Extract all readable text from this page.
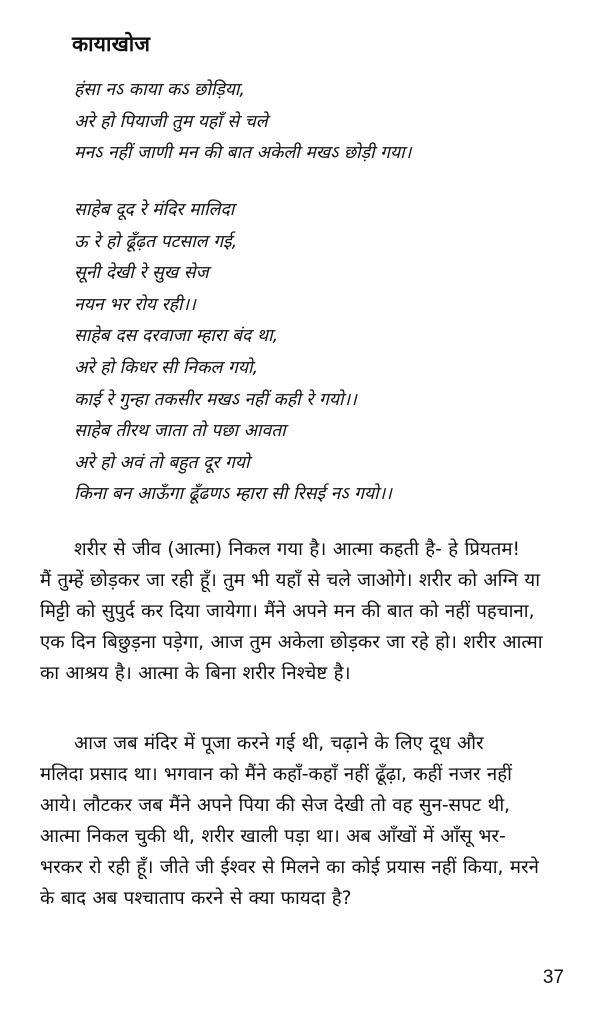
कायाखोज
हंसा नऽ काया कऽ छोड़िया,
अरे हो पियाजी तुम यहाँ से चले
मनऽ नहीं जाणी मन की बात अकेली मखऽ छोड़ी गया।
साहेब दूद रे मंदिर मालिदा
ऊ रे हो ढूँढ़त पटसाल गई,
सूनी देखी रे सुख सेज
नयन भर रोय रही।।
साहेब दस दरवाजा म्हारा बंद था,
अरे हो किधर सी निकल गयो,
काई रे गुन्हा तकसीर मखऽ नहीं कही रे गयो।।
साहेब तीरथ जाता तो पछा आवता
अरे हो अवं तो बहुत दूर गयो
किना बन आऊँगा ढूँढणऽ म्हारा सी रिसई नऽ गयो।।
शरीर से जीव (आत्मा) निकल गया है। आत्मा कहती है- हे प्रियतम!
मैं तुम्हें छोड़कर जा रही हूँ। तुम भी यहाँ से चले जाओगे। शरीर को अग्नि या
मिट्टी को सुपुर्द कर दिया जायेगा। मैंने अपने मन की बात को नहीं पहचाना,
एक दिन बिछुड़ना पड़ेगा, आज तुम अकेला छोड़कर जा रहे हो। शरीर आत्मा
का आश्रय है। आत्मा के बिना शरीर निश्चेष्ट है।
आज जब मंदिर में पूजा करने गई थी, चढ़ाने के लिए दूध और
मलिदा प्रसाद था। भगवान को मैंने कहाँ-कहाँ नहीं ढूँढ़ा, कहीं नजर नहीं
आये। लौटकर जब मैंने अपने पिया की सेज देखी तो वह सुन-सपट थी,
आत्मा निकल चुकी थी, शरीर खाली पड़ा था। अब आँखों में आँसू भर-
भरकर रो रही हूँ। जीते जी ईश्वर से मिलने का कोई प्रयास नहीं किया, मरने
के बाद अब पश्चाताप करने से क्या फायदा है?
37
